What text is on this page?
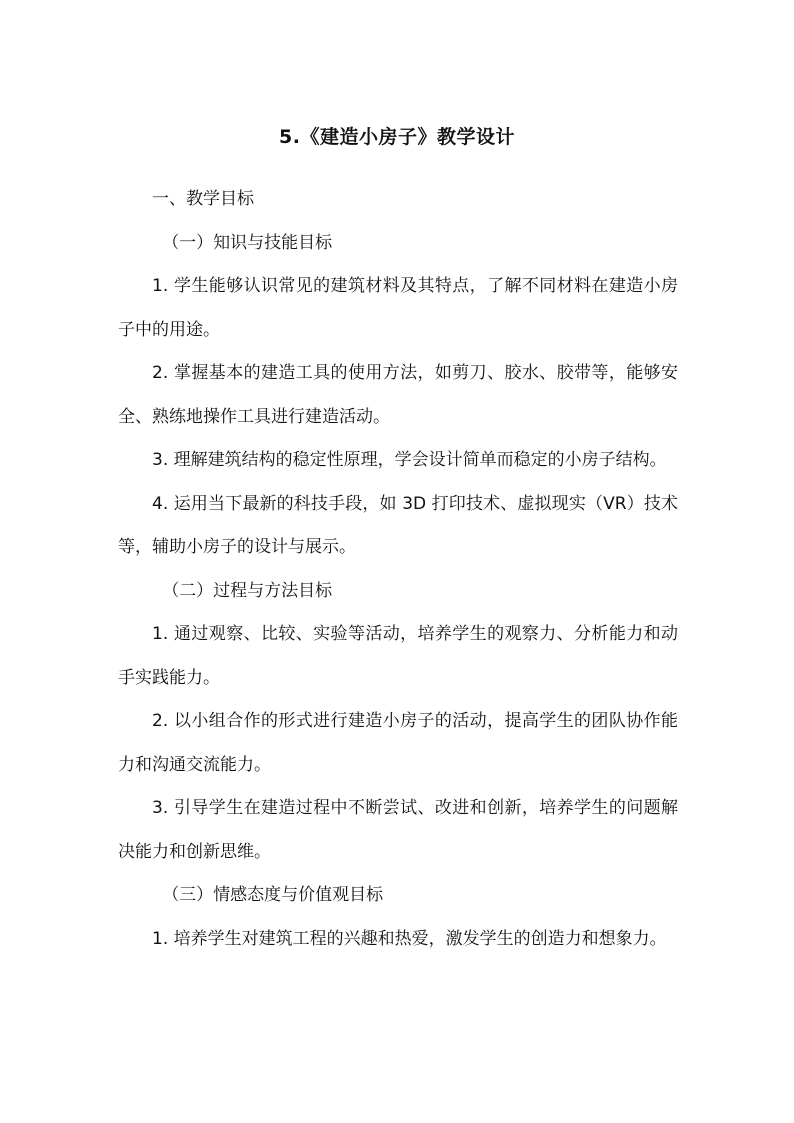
5.《建造小房子》教学设计

一、教学目标

（一）知识与技能目标

1. 学生能够认识常见的建筑材料及其特点，了解不同材料在建造小房子中的用途。

2. 掌握基本的建造工具的使用方法，如剪刀、胶水、胶带等，能够安全、熟练地操作工具进行建造活动。

3. 理解建筑结构的稳定性原理，学会设计简单而稳定的小房子结构。

4. 运用当下最新的科技手段，如 3D 打印技术、虚拟现实（VR）技术等，辅助小房子的设计与展示。

（二）过程与方法目标

1. 通过观察、比较、实验等活动，培养学生的观察力、分析能力和动手实践能力。

2. 以小组合作的形式进行建造小房子的活动，提高学生的团队协作能力和沟通交流能力。

3. 引导学生在建造过程中不断尝试、改进和创新，培养学生的问题解决能力和创新思维。

（三）情感态度与价值观目标

1. 培养学生对建筑工程的兴趣和热爱，激发学生的创造力和想象力。
